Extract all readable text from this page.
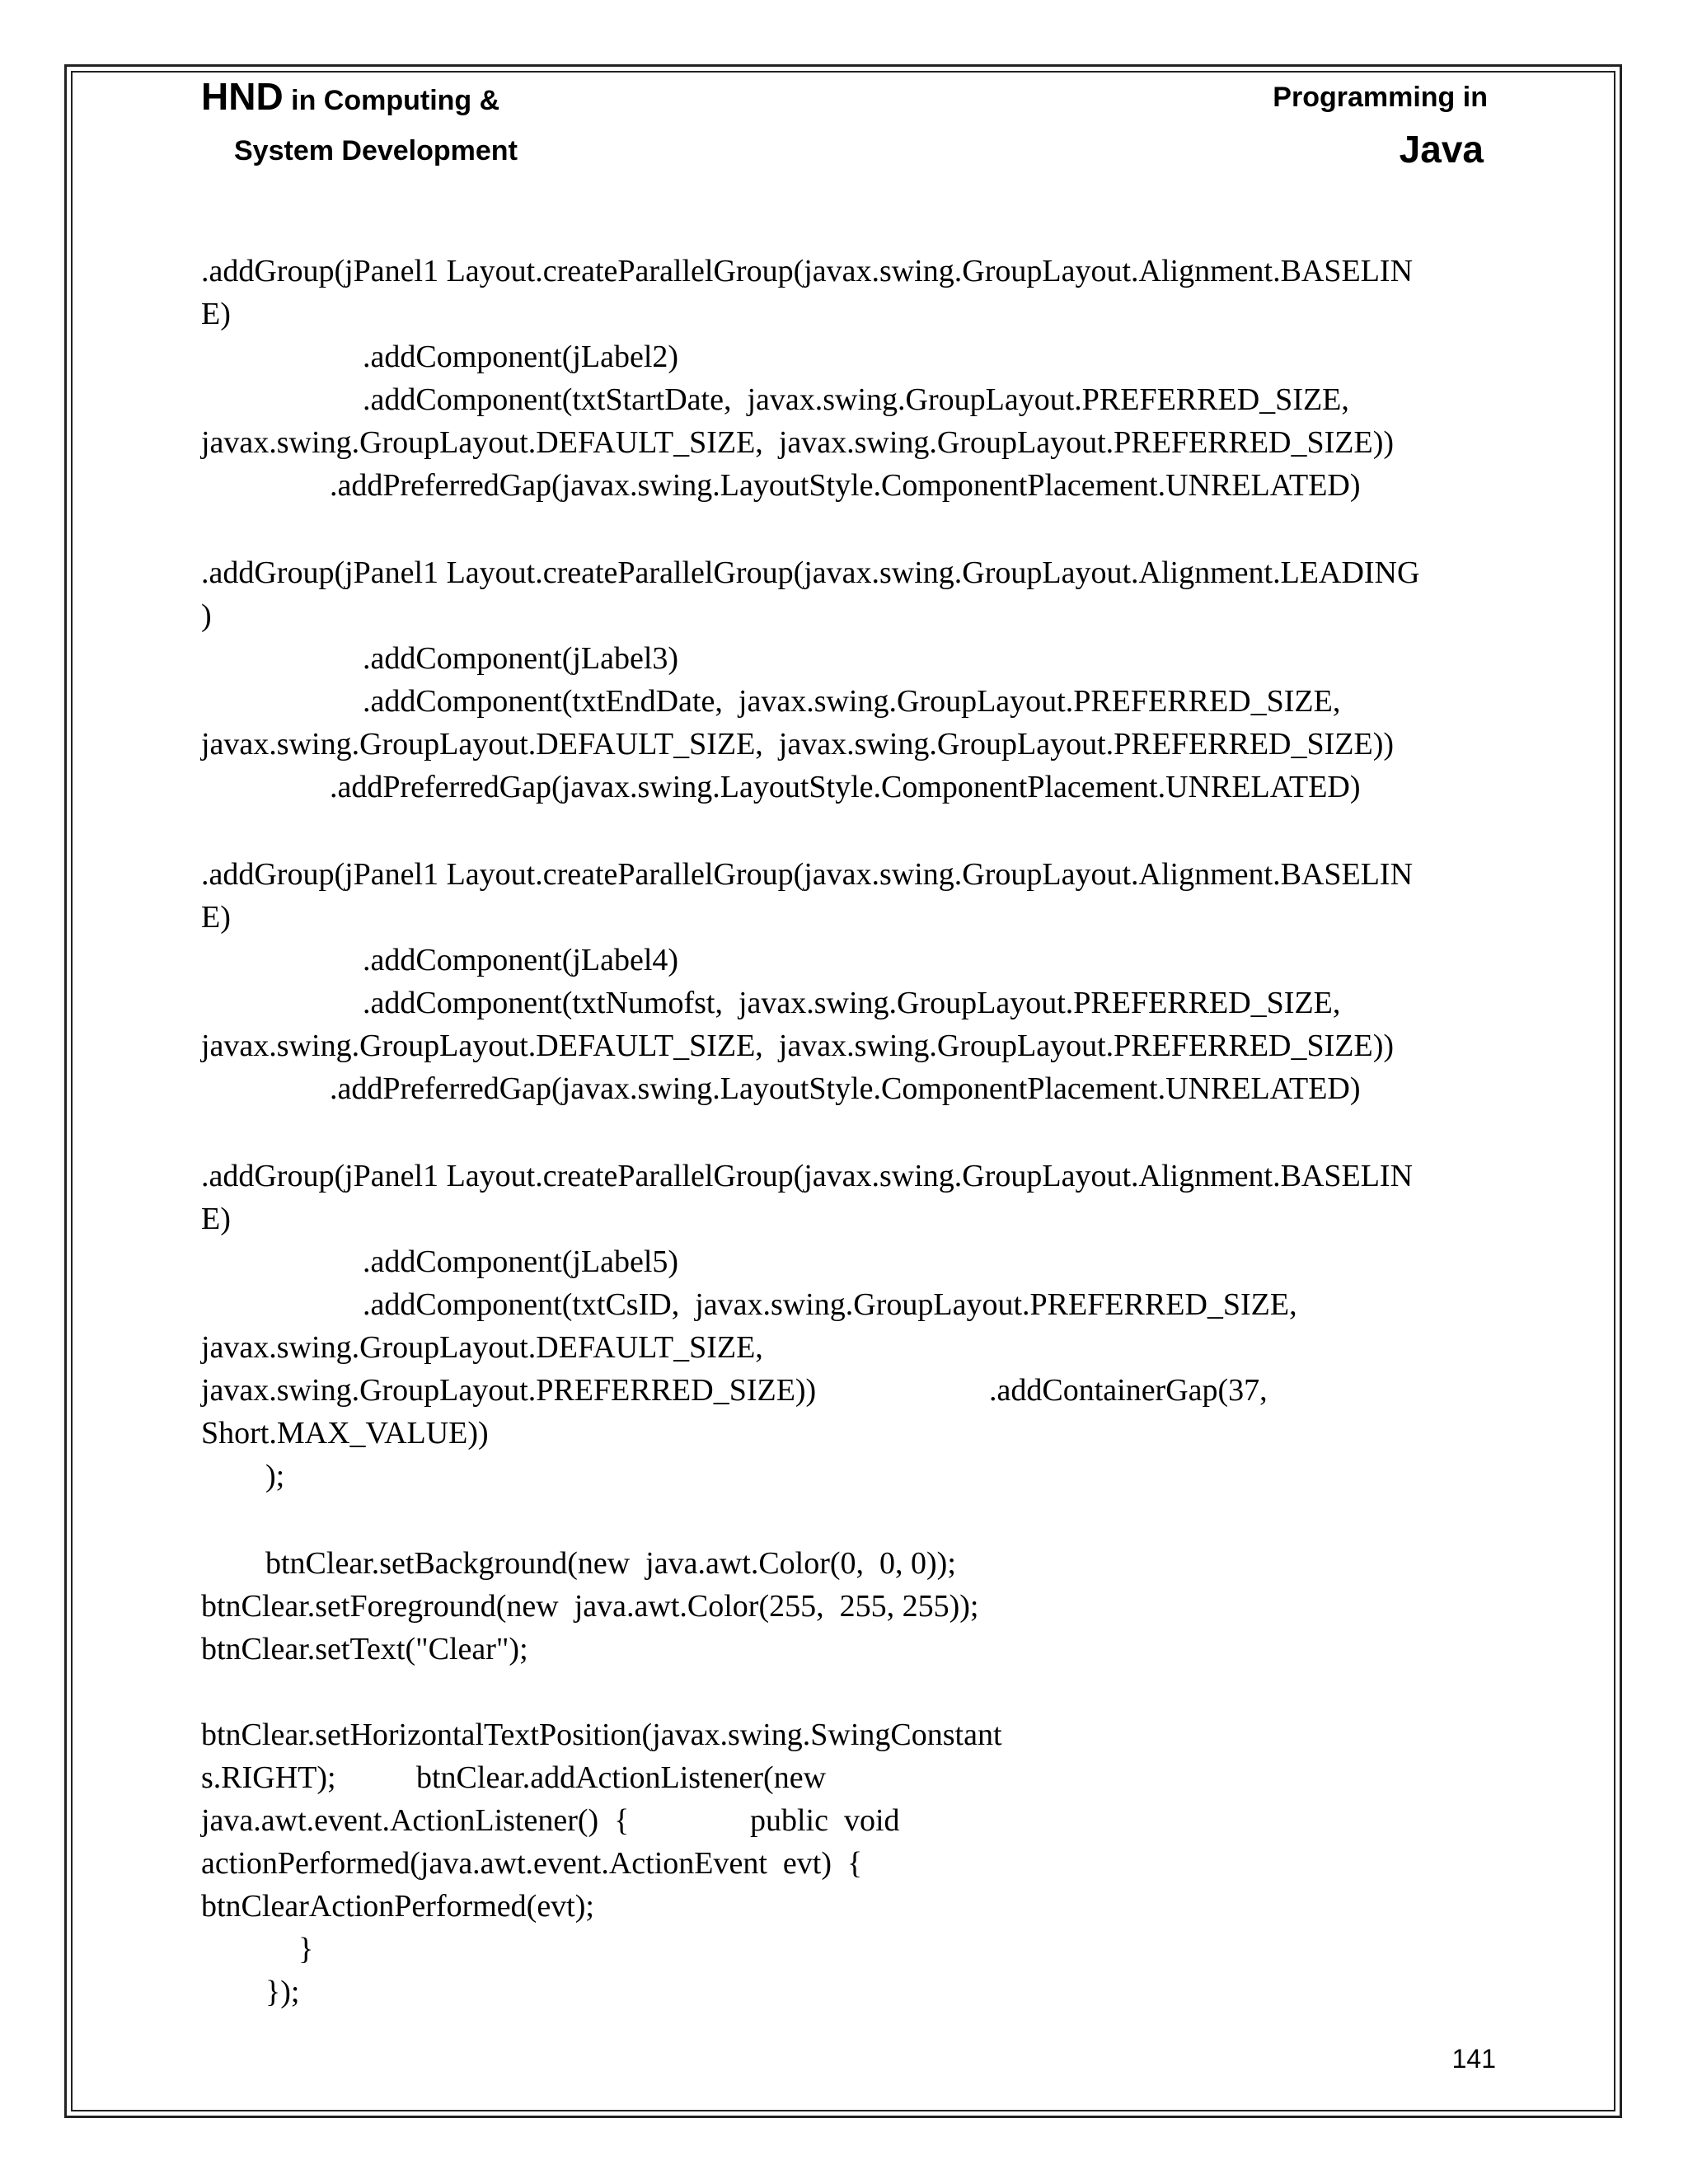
HND in Computing &
System Development
Programming in
Java
.addGroup(jPanel1 Layout.createParallelGroup(javax.swing.GroupLayout.Alignment.BASELIN
E)
.addComponent(jLabel2)
.addComponent(txtStartDate,  javax.swing.GroupLayout.PREFERRED_SIZE,
javax.swing.GroupLayout.DEFAULT_SIZE,  javax.swing.GroupLayout.PREFERRED_SIZE))
.addPreferredGap(javax.swing.LayoutStyle.ComponentPlacement.UNRELATED)
.addGroup(jPanel1 Layout.createParallelGroup(javax.swing.GroupLayout.Alignment.LEADING
)
.addComponent(jLabel3)
.addComponent(txtEndDate,  javax.swing.GroupLayout.PREFERRED_SIZE,
javax.swing.GroupLayout.DEFAULT_SIZE,  javax.swing.GroupLayout.PREFERRED_SIZE))
.addPreferredGap(javax.swing.LayoutStyle.ComponentPlacement.UNRELATED)
.addGroup(jPanel1 Layout.createParallelGroup(javax.swing.GroupLayout.Alignment.BASELIN
E)
.addComponent(jLabel4)
.addComponent(txtNumofst,  javax.swing.GroupLayout.PREFERRED_SIZE,
javax.swing.GroupLayout.DEFAULT_SIZE,  javax.swing.GroupLayout.PREFERRED_SIZE))
.addPreferredGap(javax.swing.LayoutStyle.ComponentPlacement.UNRELATED)
.addGroup(jPanel1 Layout.createParallelGroup(javax.swing.GroupLayout.Alignment.BASELIN
E)
.addComponent(jLabel5)
.addComponent(txtCsID,  javax.swing.GroupLayout.PREFERRED_SIZE,
javax.swing.GroupLayout.DEFAULT_SIZE,
javax.swing.GroupLayout.PREFERRED_SIZE))	.addContainerGap(37,
Short.MAX_VALUE))
);
btnClear.setBackground(new  java.awt.Color(0,  0, 0));
btnClear.setForeground(new  java.awt.Color(255,  255, 255));
btnClear.setText("Clear");
btnClear.setHorizontalTextPosition(javax.swing.SwingConstant
s.RIGHT);	btnClear.addActionListener(new
java.awt.event.ActionListener()  {	public  void
actionPerformed(java.awt.event.ActionEvent  evt)  {
btnClearActionPerformed(evt);
}
});
141
